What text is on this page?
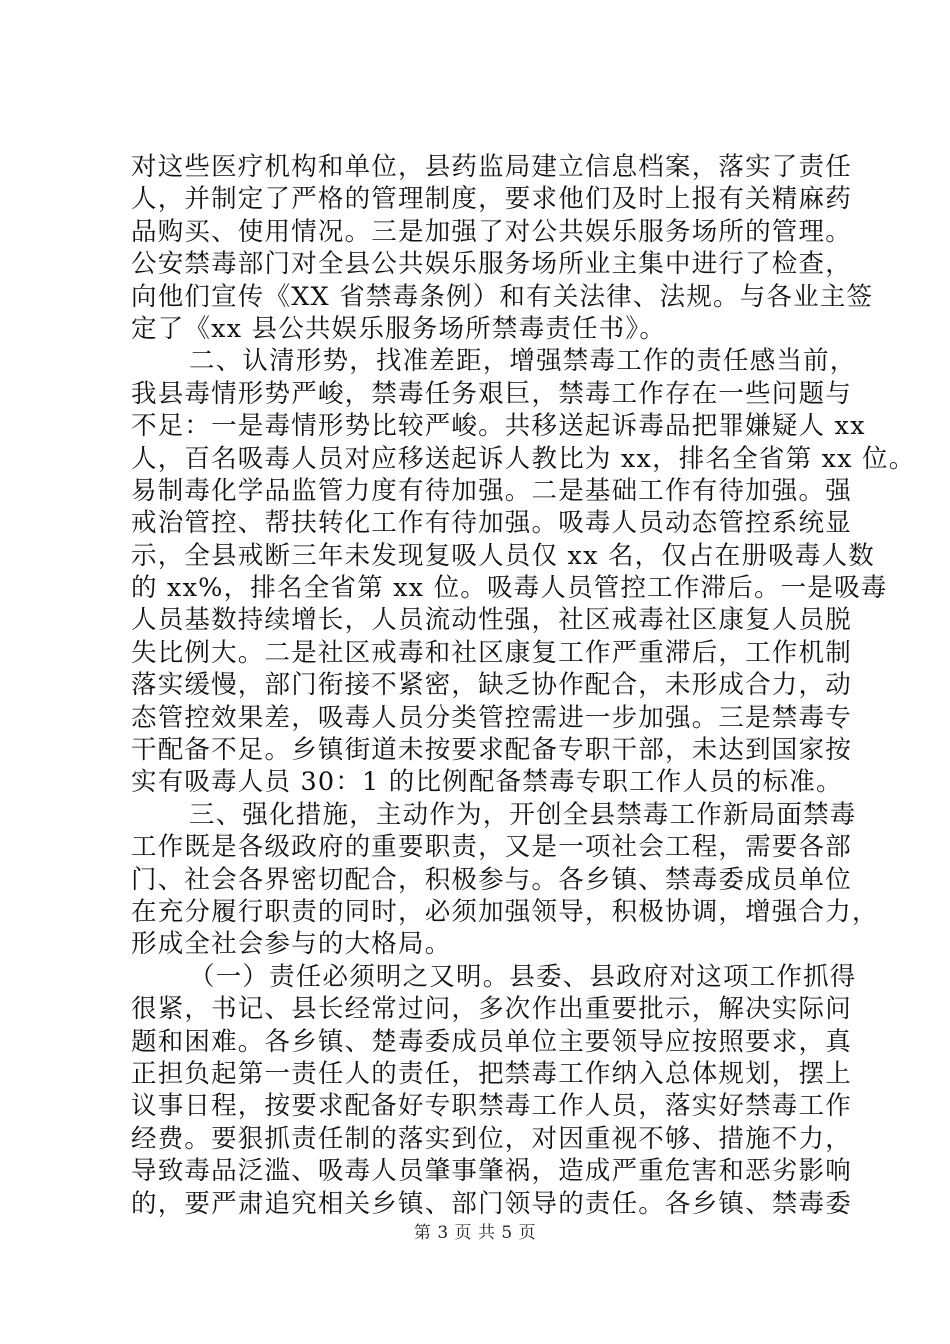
对这些医疗机构和单位，县药监局建立信息档案，落实了责任
人，并制定了严格的管理制度，要求他们及时上报有关精麻药
品购买、使用情况。三是加强了对公共娱乐服务场所的管理。
公安禁毒部门对全县公共娱乐服务场所业主集中进行了检查，
向他们宣传《XX 省禁毒条例）和有关法律、法规。与各业主签
定了《xx 县公共娱乐服务场所禁毒责任书》。
二、认清形势，找准差距，增强禁毒工作的责任感当前，
我县毒情形势严峻，禁毒任务艰巨，禁毒工作存在一些问题与
不足：一是毒情形势比较严峻。共移送起诉毒品把罪嫌疑人 xx
人，百名吸毒人员对应移送起诉人教比为 xx，排名全省第 xx 位。
易制毒化学品监管力度有待加强。二是基础工作有待加强。强
戒治管控、帮扶转化工作有待加强。吸毒人员动态管控系统显
示，全县戒断三年未发现复吸人员仅 xx 名，仅占在册吸毒人数
的 xx%，排名全省第 xx 位。吸毒人员管控工作滞后。一是吸毒
人员基数持续增长，人员流动性强，社区戒毒社区康复人员脱
失比例大。二是社区戒毒和社区康复工作严重滞后，工作机制
落实缓慢，部门衔接不紧密，缺乏协作配合，未形成合力，动
态管控效果差，吸毒人员分类管控需进一步加强。三是禁毒专
干配备不足。乡镇街道未按要求配备专职干部，未达到国家按
实有吸毒人员 30：1 的比例配备禁毒专职工作人员的标准。
三、强化措施，主动作为，开创全县禁毒工作新局面禁毒
工作既是各级政府的重要职责，又是一项社会工程，需要各部
门、社会各界密切配合，积极参与。各乡镇、禁毒委成员单位
在充分履行职责的同时，必须加强领导，积极协调，增强合力，
形成全社会参与的大格局。
（一）责任必须明之又明。县委、县政府对这项工作抓得
很紧，书记、县长经常过问，多次作出重要批示，解决实际问
题和困难。各乡镇、楚毒委成员单位主要领导应按照要求，真
正担负起第一责任人的责任，把禁毒工作纳入总体规划，摆上
议事日程，按要求配备好专职禁毒工作人员，落实好禁毒工作
经费。要狠抓责任制的落实到位，对因重视不够、措施不力，
导致毒品泛滥、吸毒人员肇事肇祸，造成严重危害和恶劣影响
的，要严肃追究相关乡镇、部门领导的责任。各乡镇、禁毒委
第 3 页 共 5 页
